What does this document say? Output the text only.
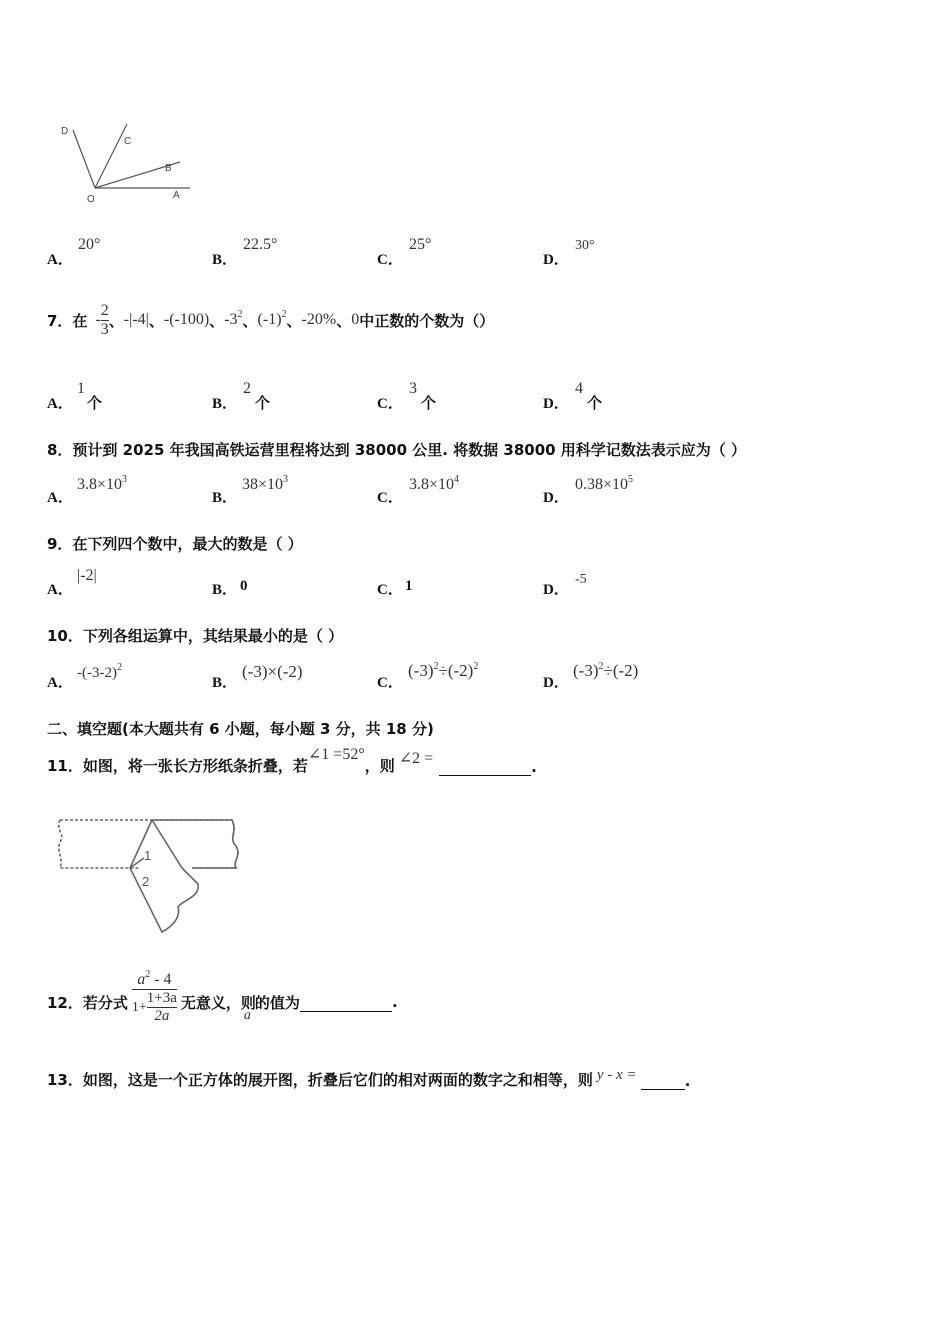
D
C
B
O	A
A．
20°
B．
22.5°
C．
25°
D．
30°
7．在 - $\frac{2}{3}$ 、 -|-4| 、 -(-100) 、 $-3^2$ 、 $(-1)^2$ 、 -20% 、 0 中正数的个数为（）
A．
1
个	B．
2
个	C．
3
个	D．
4
个
8．预计到 2025 年我国高铁运营里程将达到 38000 公里. 将数据 38000 用科学记数法表示应为（ ）
A．
$3.8\times 10^3$
B．
$38\times 10^3$
C．
$3.8\times 10^4$
D．
$0.38\times 10^5$
9．在下列四个数中，最大的数是（ ）
A．
|-2|
B． 0	C． 1	D．
-5
10．下列各组运算中，其结果最小的是（ ）
A．
$-(-3-2)^2$
B．
(-3)×(-2)
C．
$(-3)^2\div(-2)^2$
D．
$(-3)^2\div(-2)$
二、填空题(本大题共有 6 小题，每小题 3 分，共 18 分)
11．如图，将一张长方形纸条折叠，若
∠1 =52°
，则 ∠2 =	.
1
2
12．若分式 $\frac{a^2 - 4}{1+ \frac{1+3a}{2a}}$ 无意义，则
a
的值为	.
13．如图，这是一个正方体的展开图，折叠后它们的相对两面的数字之和相等，则 y - x =	.
